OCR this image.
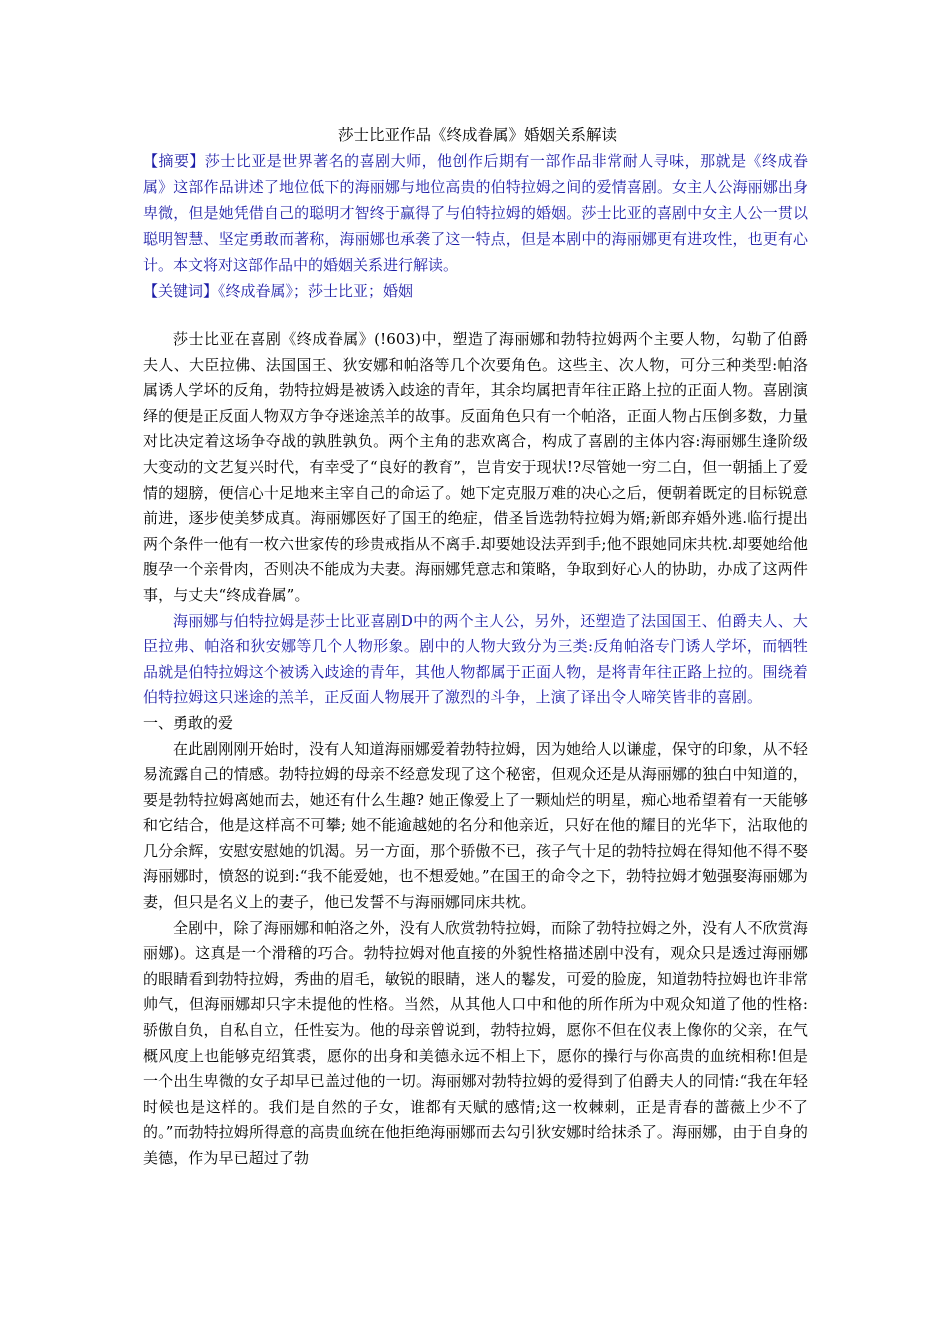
莎士比亚作品《终成眷属》婚姻关系解读

【摘要】莎士比亚是世界著名的喜剧大师，他创作后期有一部作品非常耐人寻味，那就是《终成眷属》这部作品讲述了地位低下的海丽娜与地位高贵的伯特拉姆之间的爱情喜剧。女主人公海丽娜出身卑微，但是她凭借自己的聪明才智终于赢得了与伯特拉姆的婚姻。莎士比亚的喜剧中女主人公一贯以聪明智慧、坚定勇敢而著称，海丽娜也承袭了这一特点，但是本剧中的海丽娜更有进攻性，也更有心计。本文将对这部作品中的婚姻关系进行解读。

【关键词】《终成眷属》；莎士比亚；婚姻

莎士比亚在喜剧《终成眷属》(!603)中，塑造了海丽娜和勃特拉姆两个主要人物，勾勒了伯爵夫人、大臣拉佛、法国国王、狄安娜和帕洛等几个次要角色。这些主、次人物，可分三种类型:帕洛属诱人学坏的反角，勃特拉姆是被诱入歧途的青年，其余均属把青年往正路上拉的正面人物。喜剧演绎的便是正反面人物双方争夺迷途羔羊的故事。反面角色只有一个帕洛，正面人物占压倒多数，力量对比决定着这场争夺战的孰胜孰负。两个主角的悲欢离合，构成了喜剧的主体内容:海丽娜生逢阶级大变动的文艺复兴时代，有幸受了“良好的教育”，岂肯安于现状!?尽管她一穷二白，但一朝插上了爱情的翅膀，便信心十足地来主宰自己的命运了。她下定克服万难的决心之后，便朝着既定的目标锐意前进，逐步使美梦成真。海丽娜医好了国王的绝症，借圣旨选勃特拉姆为婿;新郎弃婚外逃.临行提出两个条件一他有一枚六世家传的珍贵戒指从不离手.却要她设法弄到手;他不跟她同床共枕.却要她给他腹孕一个亲骨肉，否则决不能成为夫妻。海丽娜凭意志和策略，争取到好心人的协助，办成了这两件事，与丈夫“终成眷属”。

海丽娜与伯特拉姆是莎士比亚喜剧D中的两个主人公，另外，还塑造了法国国王、伯爵夫人、大臣拉弗、帕洛和狄安娜等几个人物形象。剧中的人物大致分为三类:反角帕洛专门诱人学坏，而牺牲品就是伯特拉姆这个被诱入歧途的青年，其他人物都属于正面人物，是将青年往正路上拉的。围绕着伯特拉姆这只迷途的羔羊，正反面人物展开了激烈的斗争，上演了译出令人啼笑皆非的喜剧。

一、勇敢的爱

在此剧刚刚开始时，没有人知道海丽娜爱着勃特拉姆，因为她给人以谦虚，保守的印象，从不轻易流露自己的情感。勃特拉姆的母亲不经意发现了这个秘密，但观众还是从海丽娜的独白中知道的，要是勃特拉姆离她而去，她还有什么生趣? 她正像爱上了一颗灿烂的明星，痴心地希望着有一天能够和它结合，他是这样高不可攀; 她不能逾越她的名分和他亲近，只好在他的耀目的光华下，沾取他的几分余辉，安慰安慰她的饥渴。另一方面，那个骄傲不已，孩子气十足的勃特拉姆在得知他不得不娶海丽娜时，愤怒的说到:“我不能爱她，也不想爱她。”在国王的命令之下，勃特拉姆才勉强娶海丽娜为妻，但只是名义上的妻子，他已发誓不与海丽娜同床共枕。

全剧中，除了海丽娜和帕洛之外，没有人欣赏勃特拉姆，而除了勃特拉姆之外，没有人不欣赏海丽娜)。这真是一个滑稽的巧合。勃特拉姆对他直接的外貌性格描述剧中没有，观众只是透过海丽娜的眼睛看到勃特拉姆，秀曲的眉毛，敏锐的眼睛，迷人的鬈发，可爱的脸庞，知道勃特拉姆也许非常帅气，但海丽娜却只字未提他的性格。当然，从其他人口中和他的所作所为中观众知道了他的性格:骄傲自负，自私自立，任性妄为。他的母亲曾说到，勃特拉姆，愿你不但在仪表上像你的父亲，在气概风度上也能够克绍箕裘，愿你的出身和美德永远不相上下，愿你的操行与你高贵的血统相称!但是一个出生卑微的女子却早已盖过他的一切。海丽娜对勃特拉姆的爱得到了伯爵夫人的同情:“我在年轻时候也是这样的。我们是自然的子女，谁都有天赋的感情;这一枚棘刺，正是青春的蔷薇上少不了的。”而勃特拉姆所得意的高贵血统在他拒绝海丽娜而去勾引狄安娜时给抹杀了。海丽娜，由于自身的美德，作为早已超过了勃
